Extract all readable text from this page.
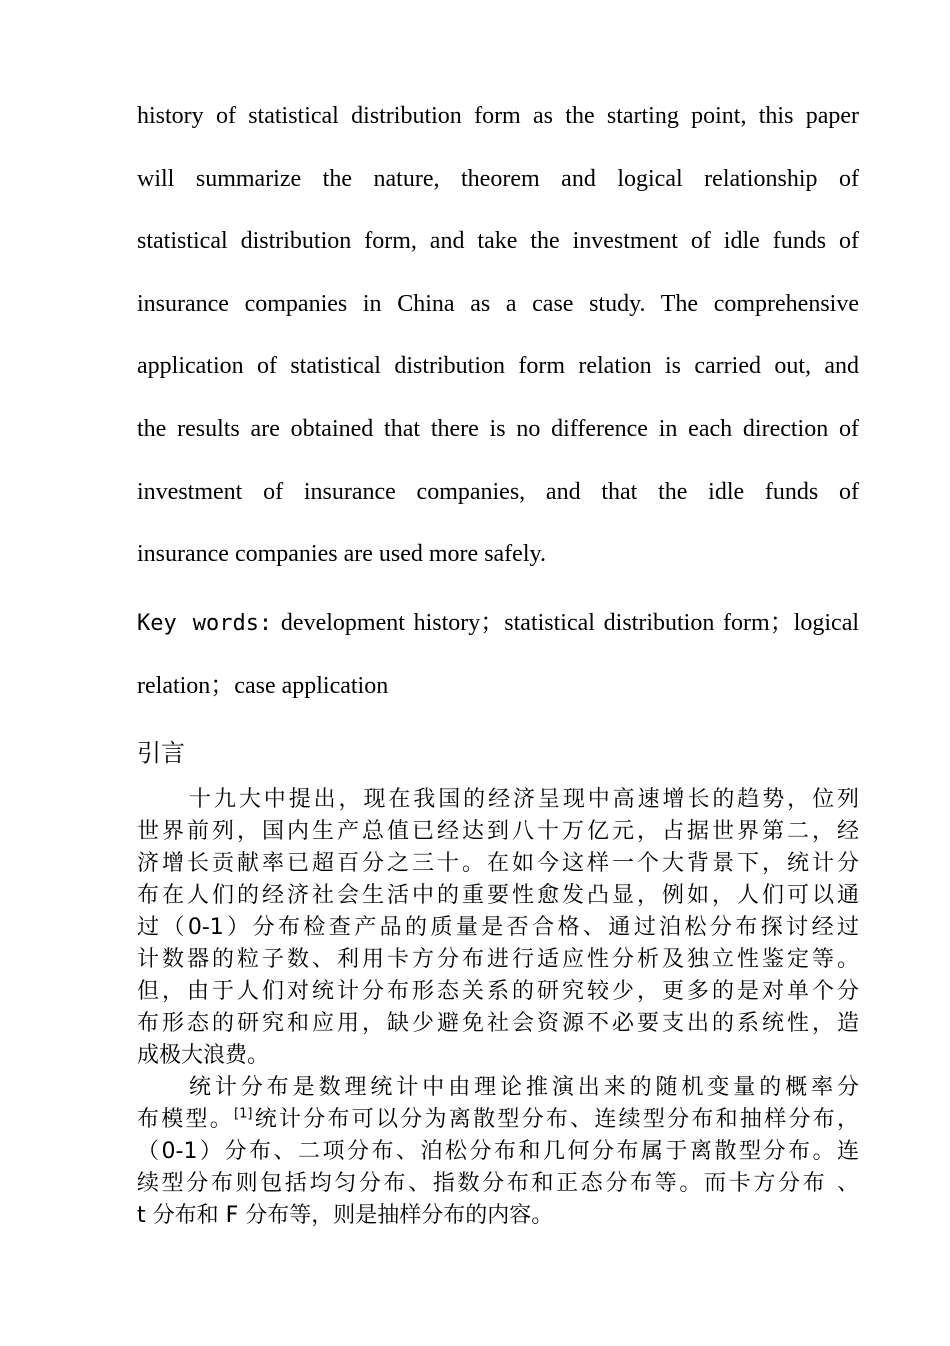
history of statistical distribution form as the starting point, this paper
will summarize the nature, theorem and logical relationship of
statistical distribution form, and take the investment of idle funds of
insurance companies in China as a case study. The comprehensive
application of statistical distribution form relation is carried out, and
the results are obtained that there is no difference in each direction of
investment of insurance companies, and that the idle funds of
insurance companies are used more safely.
Key words: development history；statistical distribution form；logical
relation；case application
引言
十九大中提出，现在我国的经济呈现中高速增长的趋势，位列
世界前列，国内生产总值已经达到八十万亿元，占据世界第二，经
济增长贡献率已超百分之三十。在如今这样一个大背景下，统计分
布在人们的经济社会生活中的重要性愈发凸显，例如，人们可以通
过（0-1）分布检查产品的质量是否合格、通过泊松分布探讨经过
计数器的粒子数、利用卡方分布进行适应性分析及独立性鉴定等。
但，由于人们对统计分布形态关系的研究较少，更多的是对单个分
布形态的研究和应用，缺少避免社会资源不必要支出的系统性，造
成极大浪费。
统计分布是数理统计中由理论推演出来的随机变量的概率分
布模型。[1]统计分布可以分为离散型分布、连续型分布和抽样分布，
（0-1）分布、二项分布、泊松分布和几何分布属于离散型分布。连
续型分布则包括均匀分布、指数分布和正态分布等。而卡方分布 、
t 分布和 F 分布等，则是抽样分布的内容。
